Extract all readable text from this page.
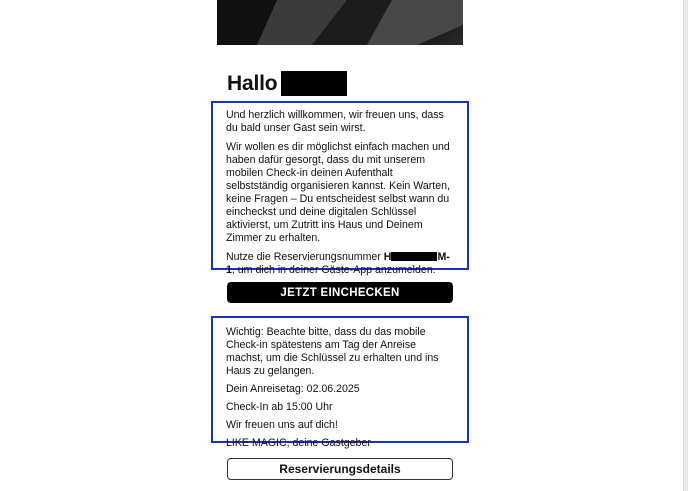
Hallo

Und herzlich willkommen, wir freuen uns, dass du bald unser Gast sein wirst.

Wir wollen es dir möglichst einfach machen und haben dafür gesorgt, dass du mit unserem mobilen Check-in deinen Aufenthalt selbstständig organisieren kannst. Kein Warten, keine Fragen – Du entscheidest selbst wann du eincheckst und deine digitalen Schlüssel aktivierst, um Zutritt ins Haus und Deinem Zimmer zu erhalten.

Nutze die Reservierungsnummer H	M-1, um dich in deiner Gäste-App anzumelden.

JETZT EINCHECKEN

Wichtig: Beachte bitte, dass du das mobile Check-in spätestens am Tag der Anreise machst, um die Schlüssel zu erhalten und ins Haus zu gelangen.

Dein Anreisetag: 02.06.2025

Check-In ab 15:00 Uhr

Wir freuen uns auf dich!

LIKE MAGIC, deine Gastgeber

Reservierungsdetails
